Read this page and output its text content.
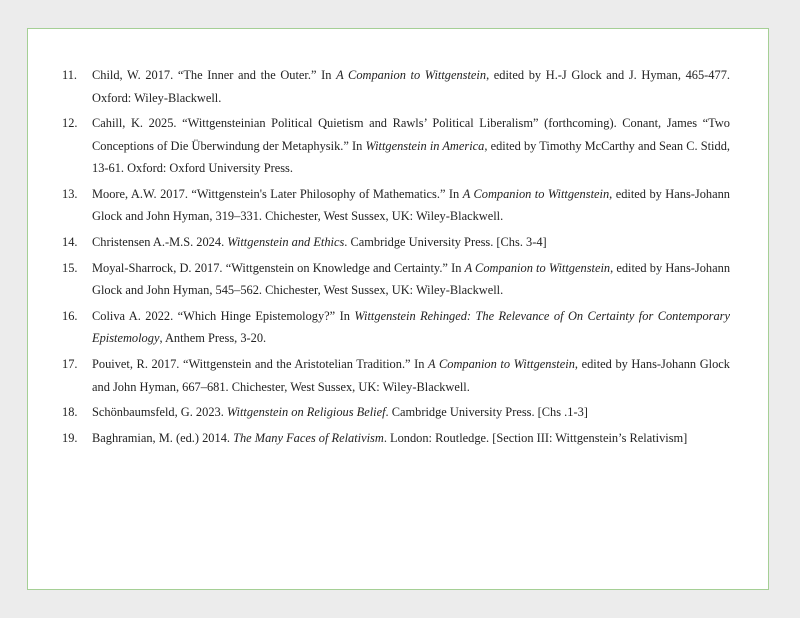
11.	Child, W. 2017. “The Inner and the Outer.” In A Companion to Wittgenstein, edited by H.-J Glock and J. Hyman, 465-477. Oxford: Wiley-Blackwell.
12.	Cahill, K. 2025. “Wittgensteinian Political Quietism and Rawls’ Political Liberalism” (forthcoming). Conant, James “Two Conceptions of Die Überwindung der Metaphysik.” In Wittgenstein in America, edited by Timothy McCarthy and Sean C. Stidd, 13-61. Oxford: Oxford University Press.
13.	Moore, A.W. 2017. “Wittgenstein's Later Philosophy of Mathematics.” In A Companion to Wittgenstein, edited by Hans-Johann Glock and John Hyman, 319–331. Chichester, West Sussex, UK: Wiley-Blackwell.
14.	Christensen A.-M.S. 2024. Wittgenstein and Ethics. Cambridge University Press. [Chs. 3-4]
15.	Moyal-Sharrock, D. 2017. “Wittgenstein on Knowledge and Certainty.” In A Companion to Wittgenstein, edited by Hans-Johann Glock and John Hyman, 545–562. Chichester, West Sussex, UK: Wiley-Blackwell.
16.	Coliva A. 2022. “Which Hinge Epistemology?” In Wittgenstein Rehinged: The Relevance of On Certainty for Contemporary Epistemology, Anthem Press, 3-20.
17.	Pouivet, R. 2017. “Wittgenstein and the Aristotelian Tradition.” In A Companion to Wittgenstein, edited by Hans-Johann Glock and John Hyman, 667–681. Chichester, West Sussex, UK: Wiley-Blackwell.
18.	Schönbaumsfeld, G. 2023. Wittgenstein on Religious Belief. Cambridge University Press. [Chs .1-3]
19.	Baghramian, M. (ed.) 2014. The Many Faces of Relativism. London: Routledge. [Section III: Wittgenstein’s Relativism]
